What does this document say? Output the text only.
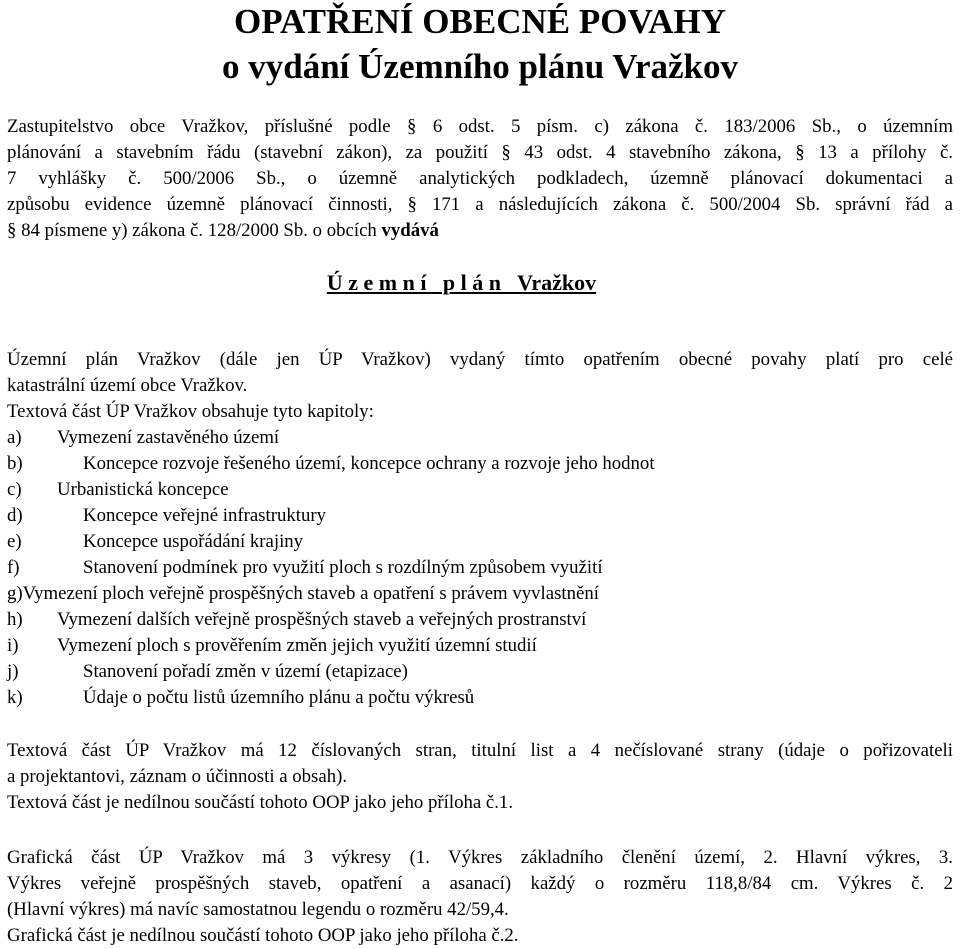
OPATŘENÍ OBECNÉ POVAHY
o vydání Územního plánu Vražkov
Zastupitelstvo obce Vražkov, příslušné podle § 6 odst. 5 písm. c) zákona č. 183/2006 Sb., o územním
plánování a stavebním řádu (stavební zákon), za použití § 43 odst. 4 stavebního zákona, § 13 a přílohy č.
7 vyhlášky č. 500/2006 Sb., o územně analytických podkladech, územně plánovací dokumentaci a
způsobu evidence územně plánovací činnosti, § 171 a následujících zákona č. 500/2004 Sb. správní řád a
§ 84 písmene y) zákona č. 128/2000 Sb. o obcích vydává
Ú z e m n í   p l á n   Vražkov
Územní plán Vražkov (dále jen ÚP Vražkov) vydaný tímto opatřením obecné povahy platí pro celé
katastrální území obce Vražkov.
Textová část ÚP Vražkov obsahuje tyto kapitoly:
a) Vymezení zastavěného území
b)	Koncepce rozvoje řešeného území, koncepce ochrany a rozvoje jeho hodnot
c) Urbanistická koncepce
d)	Koncepce veřejné infrastruktury
e)	Koncepce uspořádání krajiny
f)	Stanovení podmínek pro využití ploch s rozdílným způsobem využití
g)Vymezení ploch veřejně prospěšných staveb a opatření s právem vyvlastnění
h) Vymezení dalších veřejně prospěšných staveb a veřejných prostranství
i) Vymezení ploch s prověřením změn jejich využití územní studií
j)	Stanovení pořadí změn v území (etapizace)
k)	Údaje o počtu listů územního plánu a počtu výkresů
Textová část ÚP Vražkov má 12 číslovaných stran, titulní list a 4 nečíslované strany (údaje o pořizovateli
a projektantovi, záznam o účinnosti a obsah).
Textová část je nedílnou součástí tohoto OOP jako jeho příloha č.1.
Grafická část ÚP Vražkov má 3 výkresy (1. Výkres základního členění území, 2. Hlavní výkres, 3.
Výkres veřejně prospěšných staveb, opatření a asanací) každý o rozměru 118,8/84 cm. Výkres č. 2
(Hlavní výkres) má navíc samostatnou legendu o rozměru 42/59,4.
Grafická část je nedílnou součástí tohoto OOP jako jeho příloha č.2.
